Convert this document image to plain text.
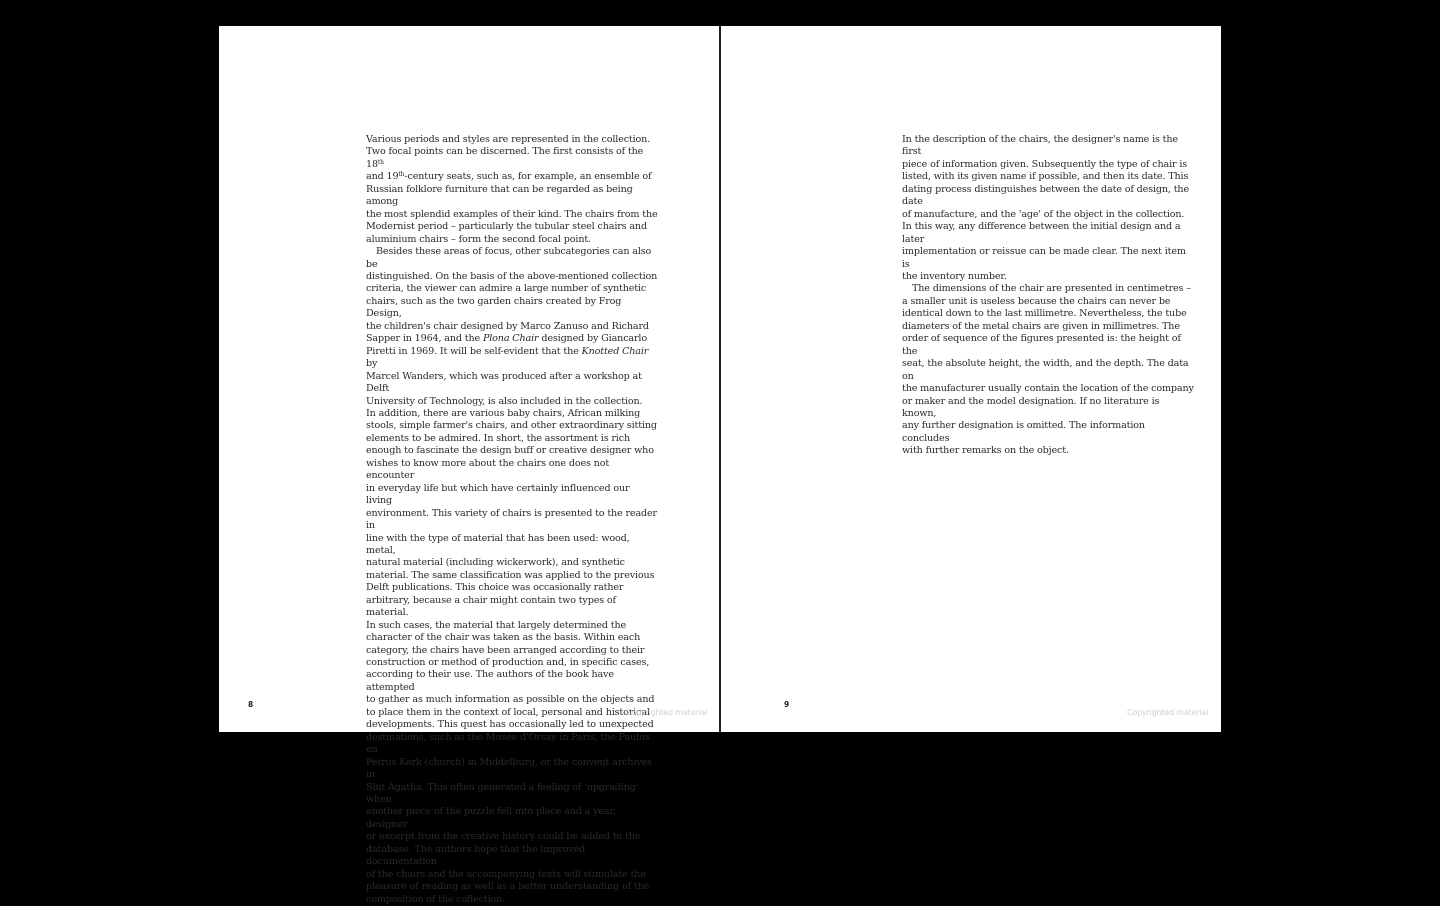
Various periods and styles are represented in the collection.
Two focal points can be discerned. The first consists of the 18th
and 19th-century seats, such as, for example, an ensemble of
Russian folklore furniture that can be regarded as being among
the most splendid examples of their kind. The chairs from the
Modernist period – particularly the tubular steel chairs and
aluminium chairs – form the second focal point.

Besides these areas of focus, other subcategories can also be
distinguished. On the basis of the above-mentioned collection
criteria, the viewer can admire a large number of synthetic
chairs, such as the two garden chairs created by Frog Design,
the children's chair designed by Marco Zanuso and Richard
Sapper in 1964, and the Plona Chair designed by Giancarlo
Piretti in 1969. It will be self-evident that the Knotted Chair by
Marcel Wanders, which was produced after a workshop at Delft
University of Technology, is also included in the collection.
In addition, there are various baby chairs, African milking
stools, simple farmer's chairs, and other extraordinary sitting
elements to be admired. In short, the assortment is rich
enough to fascinate the design buff or creative designer who
wishes to know more about the chairs one does not encounter
in everyday life but which have certainly influenced our living
environment. This variety of chairs is presented to the reader in
line with the type of material that has been used: wood, metal,
natural material (including wickerwork), and synthetic
material. The same classification was applied to the previous
Delft publications. This choice was occasionally rather
arbitrary, because a chair might contain two types of material.
In such cases, the material that largely determined the
character of the chair was taken as the basis. Within each
category, the chairs have been arranged according to their
construction or method of production and, in specific cases,
according to their use. The authors of the book have attempted
to gather as much information as possible on the objects and
to place them in the context of local, personal and historical
developments. This quest has occasionally led to unexpected
destinations, such as the Musée d'Orsay in Paris, the Paulus en
Petrus Kerk (church) in Middelburg, or the convent archives in
Sint Agatha. This often generated a feeling of 'upgrading' when
another piece of the puzzle fell into place and a year, designer
or excerpt from the creative history could be added to the
database. The authors hope that the improved documentation
of the chairs and the accompanying texts will stimulate the
pleasure of reading as well as a better understanding of the
composition of the collection.

8
Copyrighted material

In the description of the chairs, the designer's name is the first
piece of information given. Subsequently the type of chair is
listed, with its given name if possible, and then its date. This
dating process distinguishes between the date of design, the date
of manufacture, and the 'age' of the object in the collection.
In this way, any difference between the initial design and a later
implementation or reissue can be made clear. The next item is
the inventory number.

The dimensions of the chair are presented in centimetres –
a smaller unit is useless because the chairs can never be
identical down to the last millimetre. Nevertheless, the tube
diameters of the metal chairs are given in millimetres. The
order of sequence of the figures presented is: the height of the
seat, the absolute height, the width, and the depth. The data on
the manufacturer usually contain the location of the company
or maker and the model designation. If no literature is known,
any further designation is omitted. The information concludes
with further remarks on the object.

9
Copyrighted material
